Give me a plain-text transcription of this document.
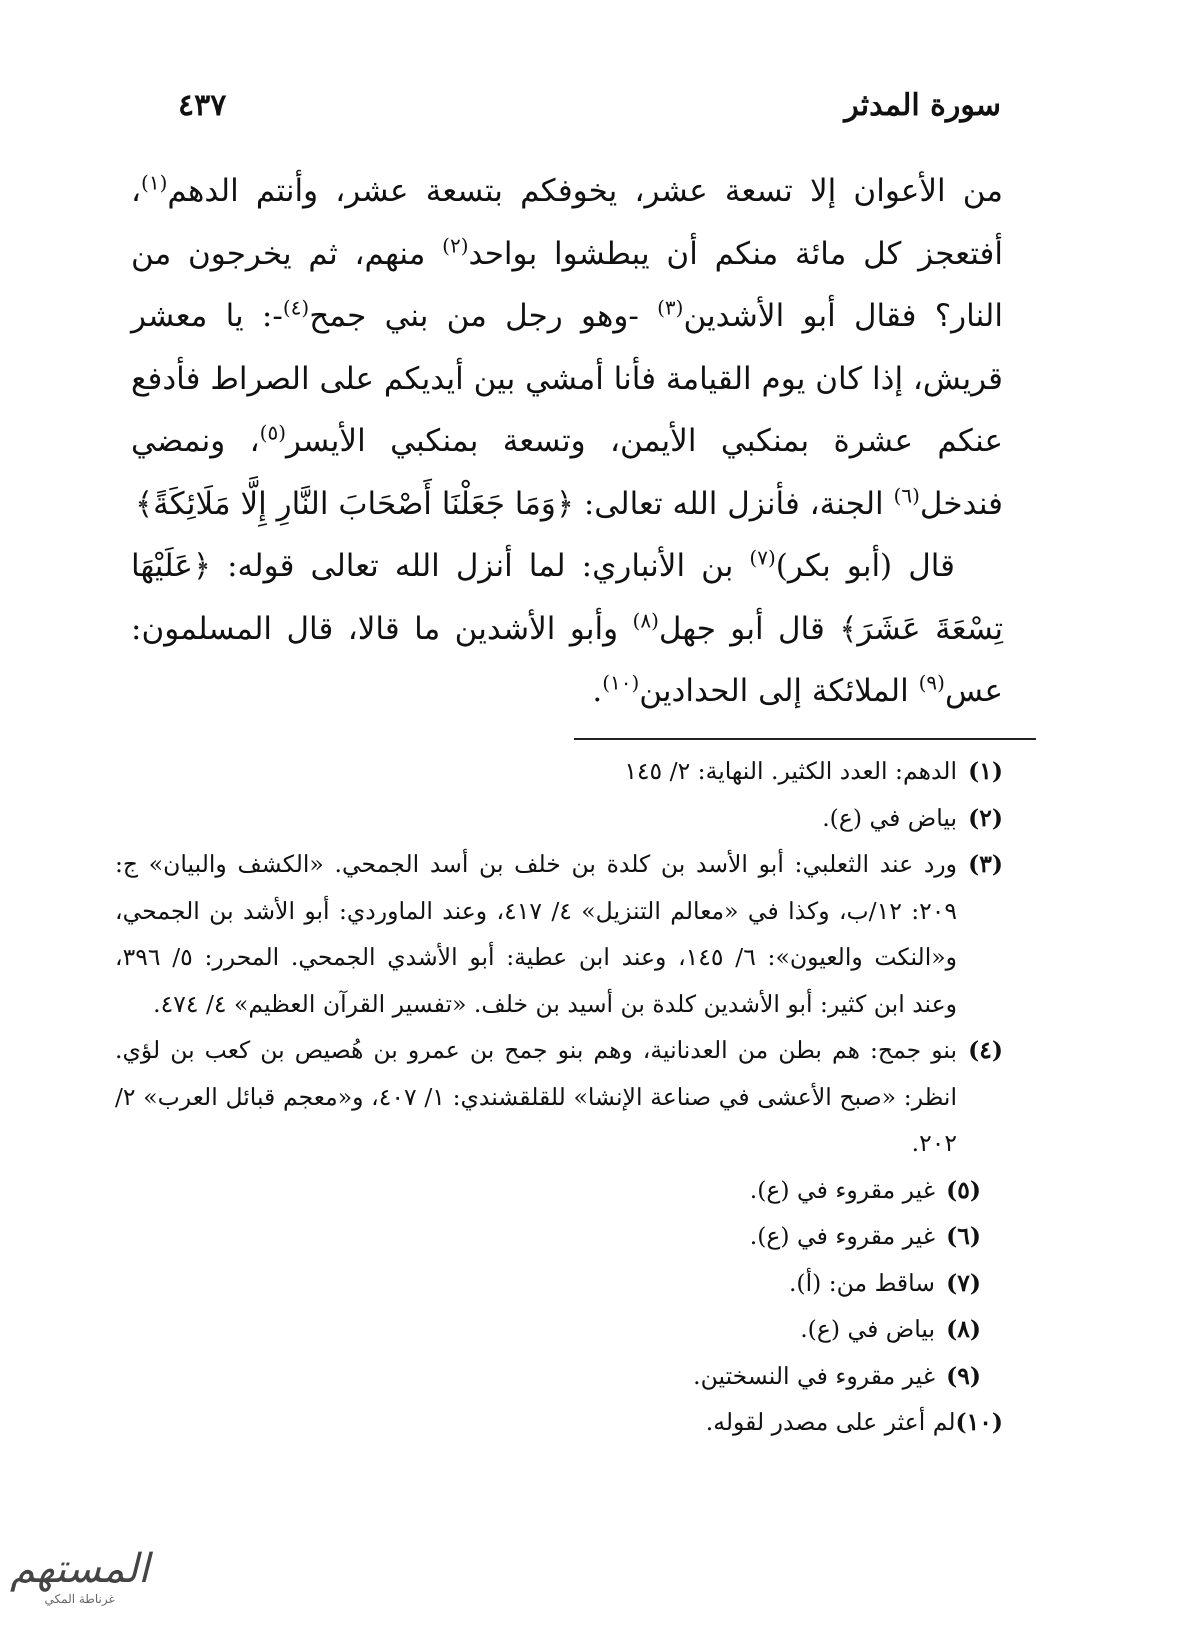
سورة المدثر
٤٣٧

من الأعوان إلا تسعة عشر، يخوفكم بتسعة عشر، وأنتم الدهم$^{(١)}$، أفتعجز كل مائة منكم أن يبطشوا بواحد$^{(٢)}$ منهم، ثم يخرجون من النار؟ فقال أبو الأشدين$^{(٣)}$ -وهو رجل من بني جمح$^{(٤)}$-: يا معشر قريش، إذا كان يوم القيامة فأنا أمشي بين أيديكم على الصراط فأدفع عنكم عشرة بمنكبي الأيمن، وتسعة بمنكبي الأيسر$^{(٥)}$، ونمضي فندخل$^{(٦)}$ الجنة، فأنزل الله تعالى: ﴿وَمَا جَعَلْنَا أَصْحَابَ النَّارِ إِلَّا مَلَائِكَةً﴾

قال (أبو بكر)$^{(٧)}$ بن الأنباري: لما أنزل الله تعالى قوله: ﴿عَلَيْهَا تِسْعَةَ عَشَرَ﴾ قال أبو جهل$^{(٨)}$ وأبو الأشدين ما قالا، قال المسلمون: عس$^{(٩)}$ الملائكة إلى الحدادين$^{(١٠)}$.

(١)
الدهم: العدد الكثير. النهاية: ٢/ ١٤٥
(٢)
بياض في (ع).
(٣)
ورد عند الثعلبي: أبو الأسد بن كلدة بن خلف بن أسد الجمحي. «الكشف والبيان» ج: ٢٠٩: ١٢/ب، وكذا في «معالم التنزيل» ٤/ ٤١٧، وعند الماوردي: أبو الأشد بن الجمحي، و«النكت والعيون»: ٦/ ١٤٥، وعند ابن عطية: أبو الأشدي الجمحي. المحرر: ٥/ ٣٩٦، وعند ابن كثير: أبو الأشدين كلدة بن أسيد بن خلف. «تفسير القرآن العظيم» ٤/ ٤٧٤.
(٤)
بنو جمح: هم بطن من العدنانية، وهم بنو جمح بن عمرو بن هُصيص بن كعب بن لؤي. انظر: «صبح الأعشى في صناعة الإنشا» للقلقشندي: ١/ ٤٠٧، و«معجم قبائل العرب» ٢/ ٢٠٢.
(٥)
غير مقروء في (ع).
(٦)
غير مقروء في (ع).
(٧)
ساقط من: (أ).
(٨)
بياض في (ع).
(٩)
غير مقروء في النسختين.
(١٠)
لم أعثر على مصدر لقوله.
المستهم
غرناطة المكي
